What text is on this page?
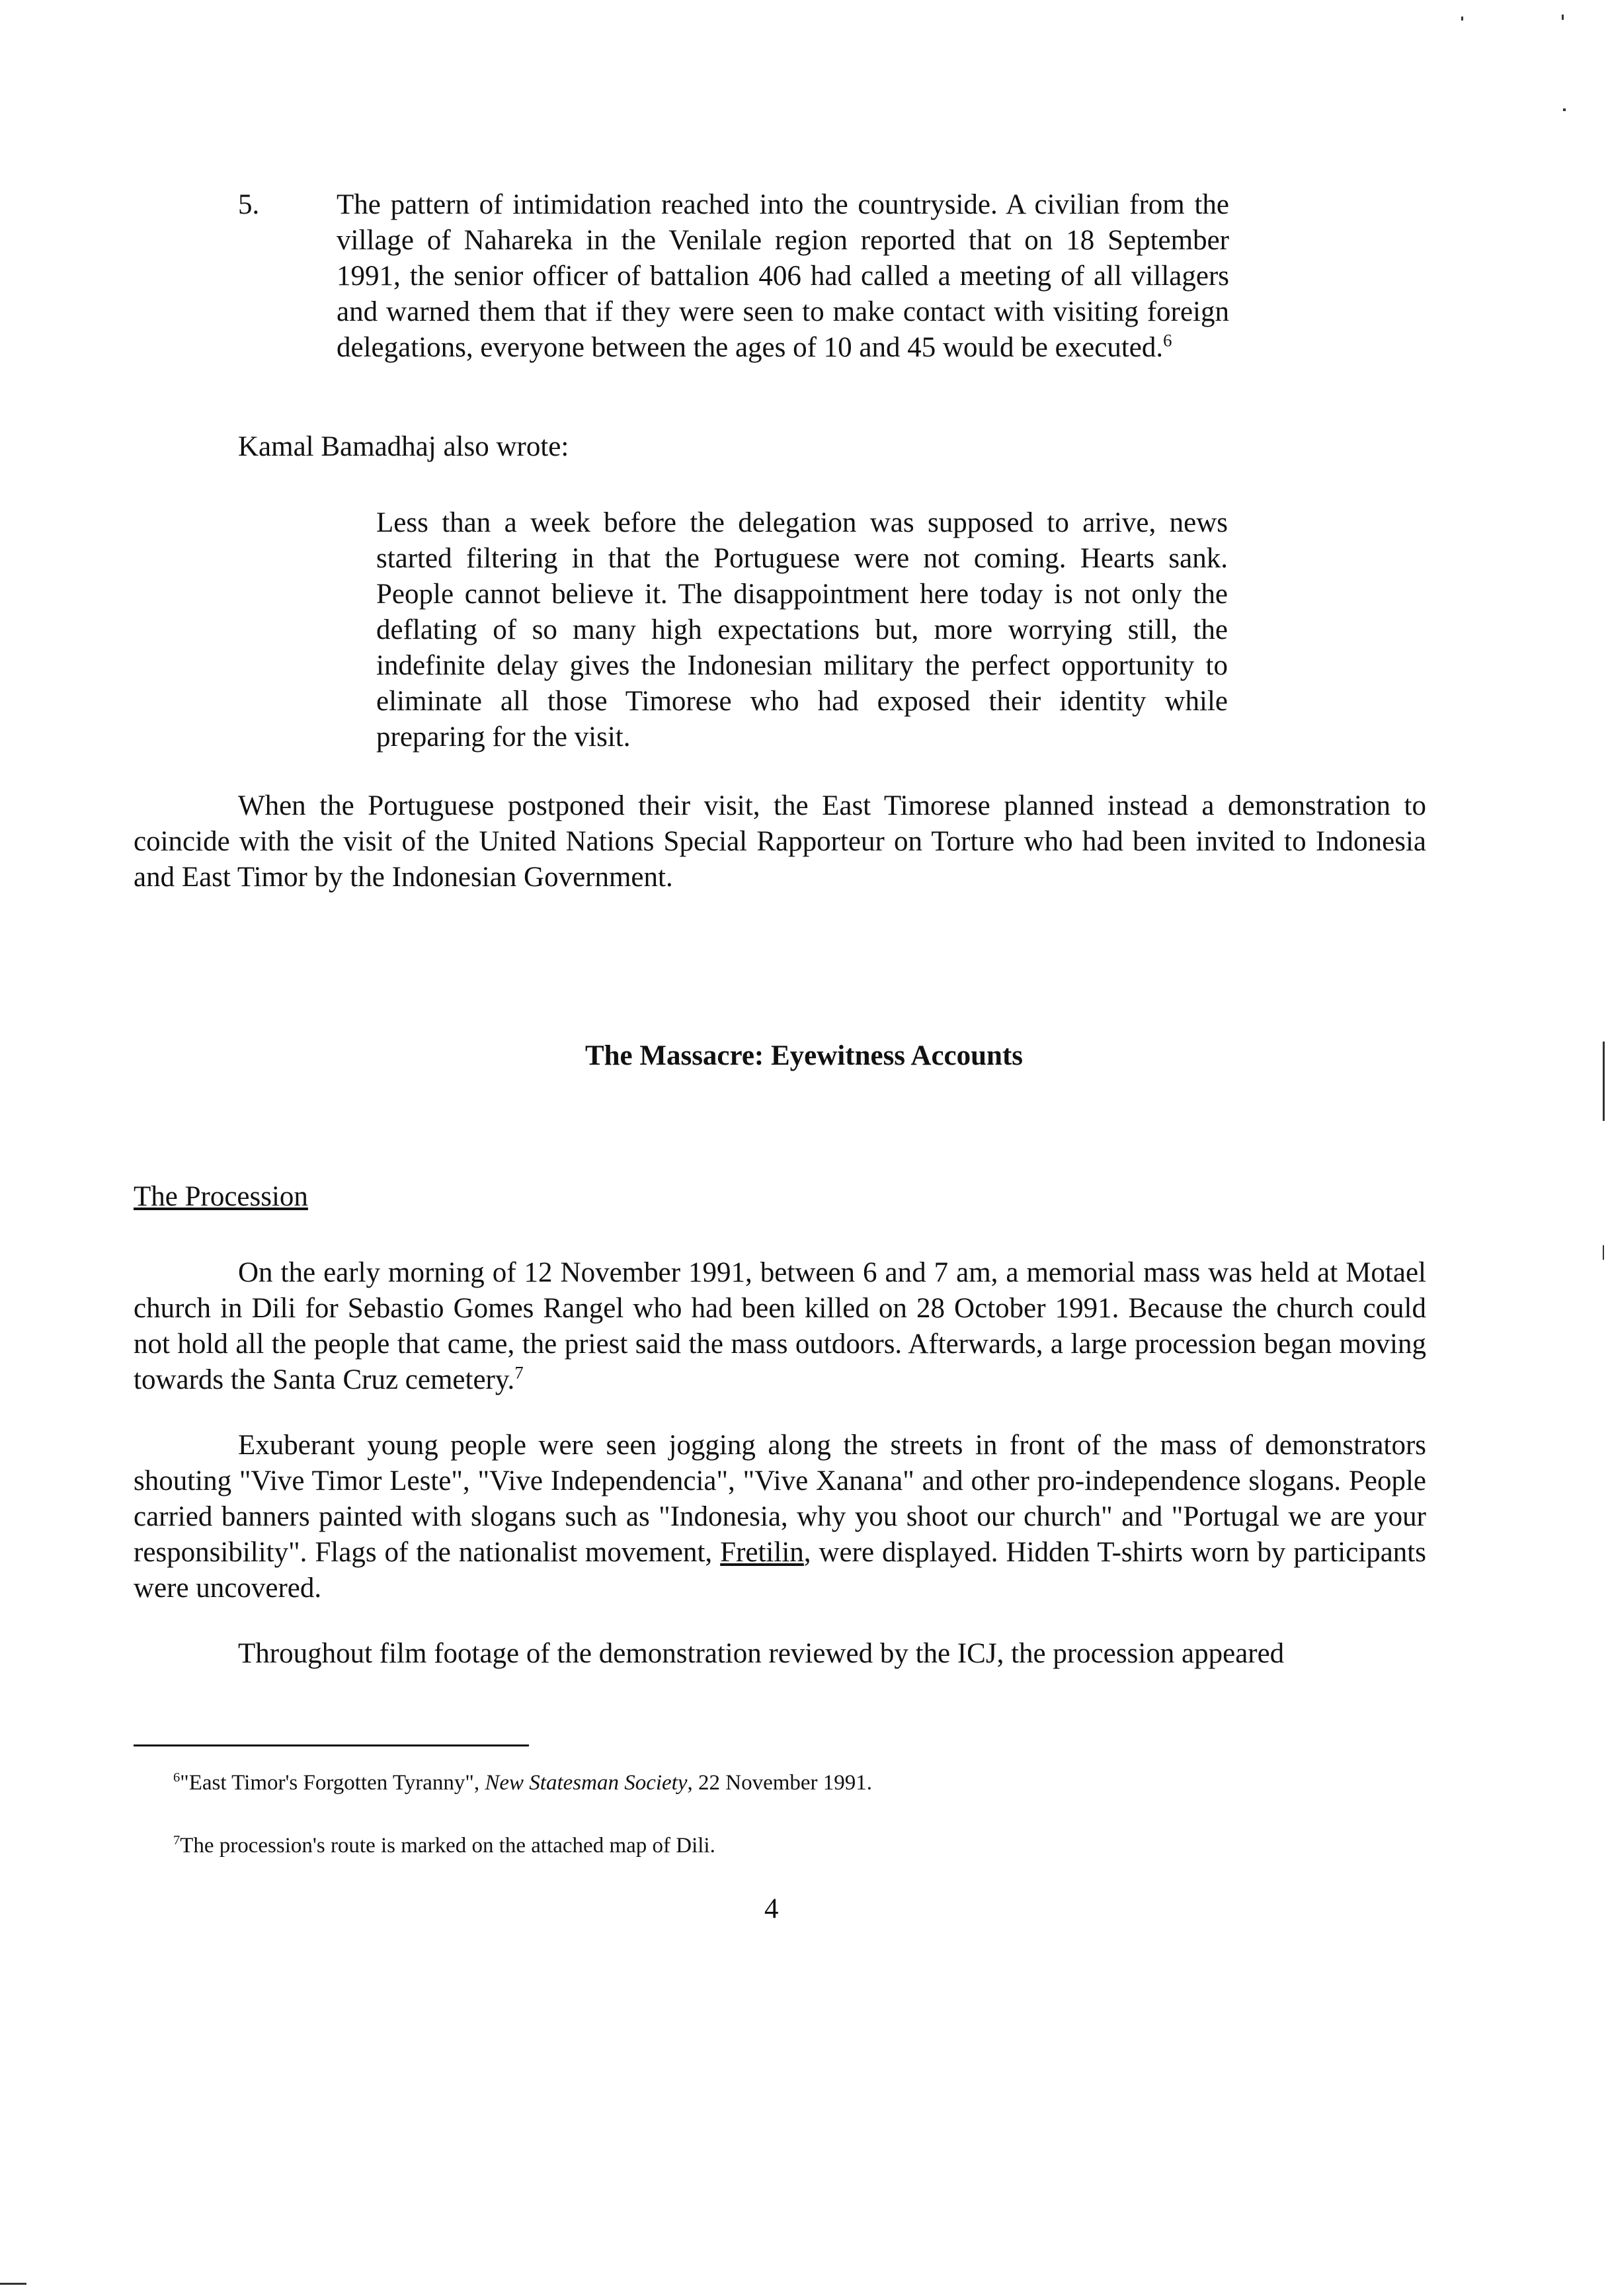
5.	The pattern of intimidation reached into the countryside. A civilian from the village of Nahareka in the Venilale region reported that on 18 September 1991, the senior officer of battalion 406 had called a meeting of all villagers and warned them that if they were seen to make contact with visiting foreign delegations, everyone between the ages of 10 and 45 would be executed.$^6$
Kamal Bamadhaj also wrote:
Less than a week before the delegation was supposed to arrive, news started filtering in that the Portuguese were not coming. Hearts sank. People cannot believe it. The disappointment here today is not only the deflating of so many high expectations but, more worrying still, the indefinite delay gives the Indonesian military the perfect opportunity to eliminate all those Timorese who had exposed their identity while preparing for the visit.
When the Portuguese postponed their visit, the East Timorese planned instead a demonstration to coincide with the visit of the United Nations Special Rapporteur on Torture who had been invited to Indonesia and East Timor by the Indonesian Government.
The Massacre: Eyewitness Accounts
The Procession
On the early morning of 12 November 1991, between 6 and 7 am, a memorial mass was held at Motael church in Dili for Sebastio Gomes Rangel who had been killed on 28 October 1991. Because the church could not hold all the people that came, the priest said the mass outdoors. Afterwards, a large procession began moving towards the Santa Cruz cemetery.$^7$
Exuberant young people were seen jogging along the streets in front of the mass of demonstrators shouting "Vive Timor Leste", "Vive Independencia", "Vive Xanana" and other pro-independence slogans. People carried banners painted with slogans such as "Indonesia, why you shoot our church" and "Portugal we are your responsibility". Flags of the nationalist movement, Fretilin, were displayed. Hidden T-shirts worn by participants were uncovered.
Throughout film footage of the demonstration reviewed by the ICJ, the procession appeared
$^6$"East Timor's Forgotten Tyranny", New Statesman Society, 22 November 1991.
$^7$The procession's route is marked on the attached map of Dili.
4
